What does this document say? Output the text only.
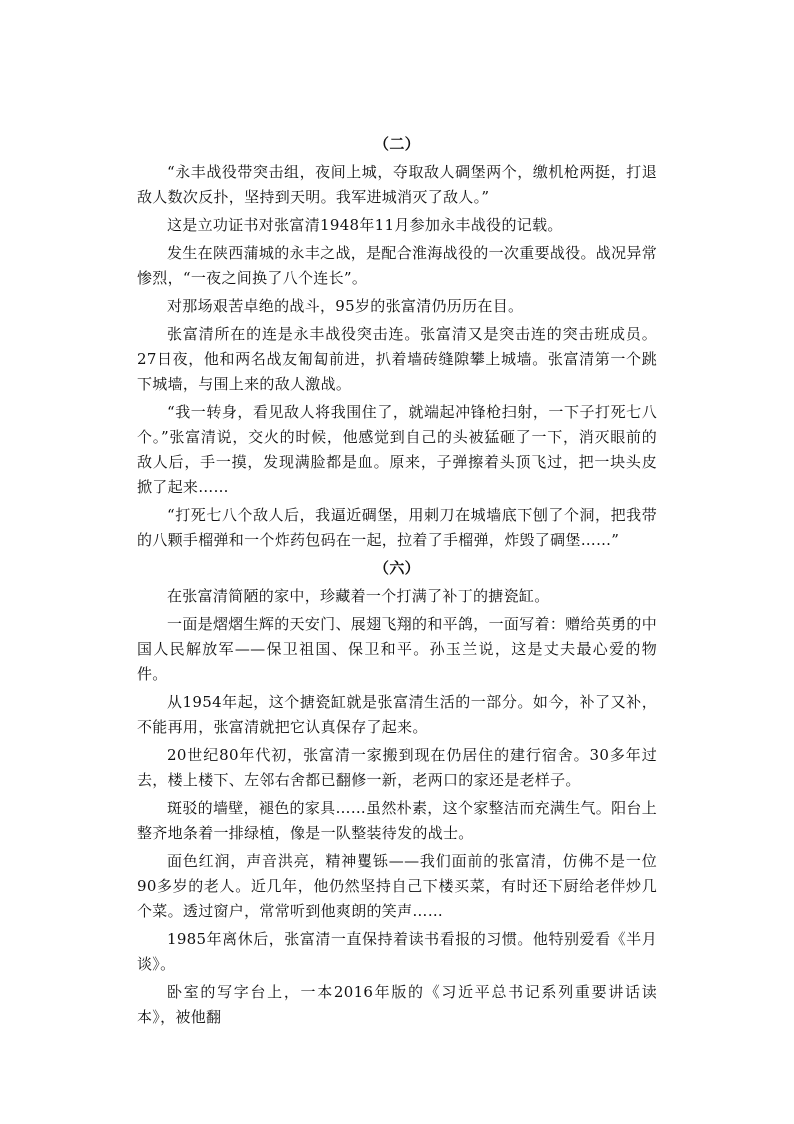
（二）

“永丰战役带突击组，夜间上城，夺取敌人碉堡两个，缴机枪两挺，打退敌人数次反扑，坚持到天明。我军进城消灭了敌人。”

这是立功证书对张富清1948年11月参加永丰战役的记载。

发生在陕西蒲城的永丰之战，是配合淮海战役的一次重要战役。战况异常惨烈，“一夜之间换了八个连长”。

对那场艰苦卓绝的战斗，95岁的张富清仍历历在目。

张富清所在的连是永丰战役突击连。张富清又是突击连的突击班成员。27日夜，他和两名战友匍匐前进，扒着墙砖缝隙攀上城墙。张富清第一个跳下城墙，与围上来的敌人激战。

“我一转身，看见敌人将我围住了，就端起冲锋枪扫射，一下子打死七八个。”张富清说，交火的时候，他感觉到自己的头被猛砸了一下，消灭眼前的敌人后，手一摸，发现满脸都是血。原来，子弹擦着头顶飞过，把一块头皮掀了起来……

“打死七八个敌人后，我逼近碉堡，用刺刀在城墙底下刨了个洞，把我带的八颗手榴弹和一个炸药包码在一起，拉着了手榴弹，炸毁了碉堡……”

（六）

在张富清简陋的家中，珍藏着一个打满了补丁的搪瓷缸。

一面是熠熠生辉的天安门、展翅飞翔的和平鸽，一面写着：赠给英勇的中国人民解放军——保卫祖国、保卫和平。孙玉兰说，这是丈夫最心爱的物件。

从1954年起，这个搪瓷缸就是张富清生活的一部分。如今，补了又补，不能再用，张富清就把它认真保存了起来。

20世纪80年代初，张富清一家搬到现在仍居住的建行宿舍。30多年过去，楼上楼下、左邻右舍都已翻修一新，老两口的家还是老样子。

斑驳的墙壁，褪色的家具……虽然朴素，这个家整洁而充满生气。阳台上整齐地条着一排绿植，像是一队整装待发的战士。

面色红润，声音洪亮，精神矍铄——我们面前的张富清，仿佛不是一位90多岁的老人。近几年，他仍然坚持自己下楼买菜，有时还下厨给老伴炒几个菜。透过窗户，常常听到他爽朗的笑声……

1985年离休后，张富清一直保持着读书看报的习惯。他特别爱看《半月谈》。

卧室的写字台上，一本2016年版的《习近平总书记系列重要讲话读本》，被他翻
